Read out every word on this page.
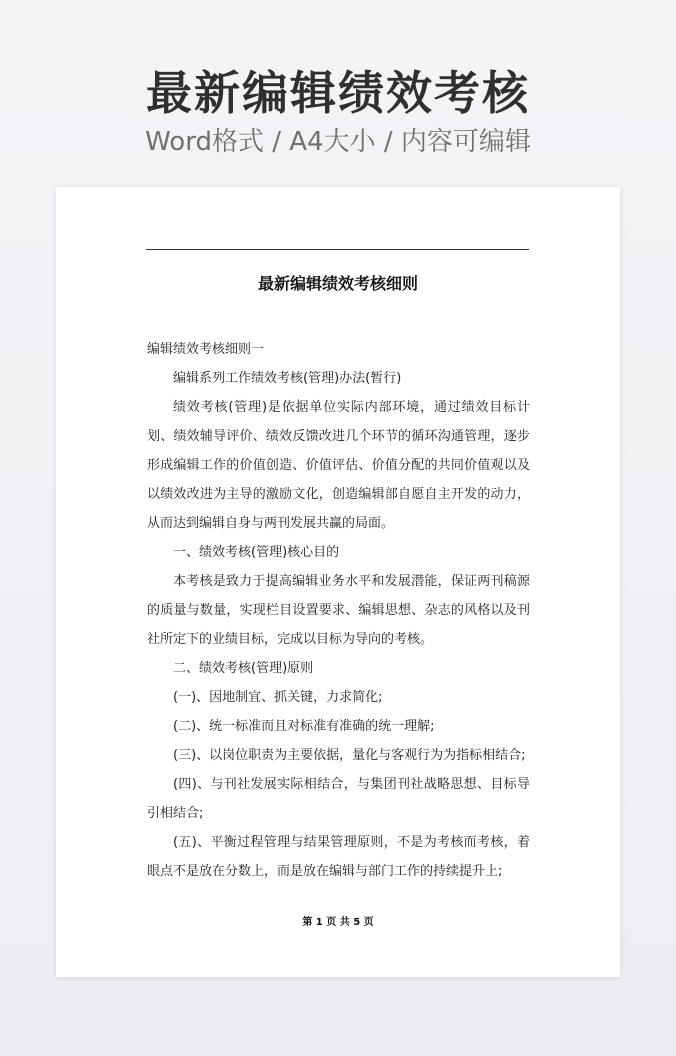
最新编辑绩效考核
Word格式 / A4大小 / 内容可编辑
最新编辑绩效考核细则

编辑绩效考核细则一

编辑系列工作绩效考核(管理)办法(暂行)

绩效考核(管理)是依据单位实际内部环境，通过绩效目标计划、绩效辅导评价、绩效反馈改进几个环节的循环沟通管理，逐步形成编辑工作的价值创造、价值评估、价值分配的共同价值观以及以绩效改进为主导的激励文化，创造编辑部自愿自主开发的动力，从而达到编辑自身与两刊发展共赢的局面。

一、绩效考核(管理)核心目的

本考核是致力于提高编辑业务水平和发展潜能，保证两刊稿源的质量与数量，实现栏目设置要求、编辑思想、杂志的风格以及刊社所定下的业绩目标，完成以目标为导向的考核。

二、绩效考核(管理)原则

(一)、因地制宜、抓关键，力求简化;

(二)、统一标准而且对标准有准确的统一理解;

(三)、以岗位职责为主要依据，量化与客观行为为指标相结合;

(四)、与刊社发展实际相结合，与集团刊社战略思想、目标导引相结合;

(五)、平衡过程管理与结果管理原则，不是为考核而考核，着眼点不是放在分数上，而是放在编辑与部门工作的持续提升上;

第 1 页 共 5 页
